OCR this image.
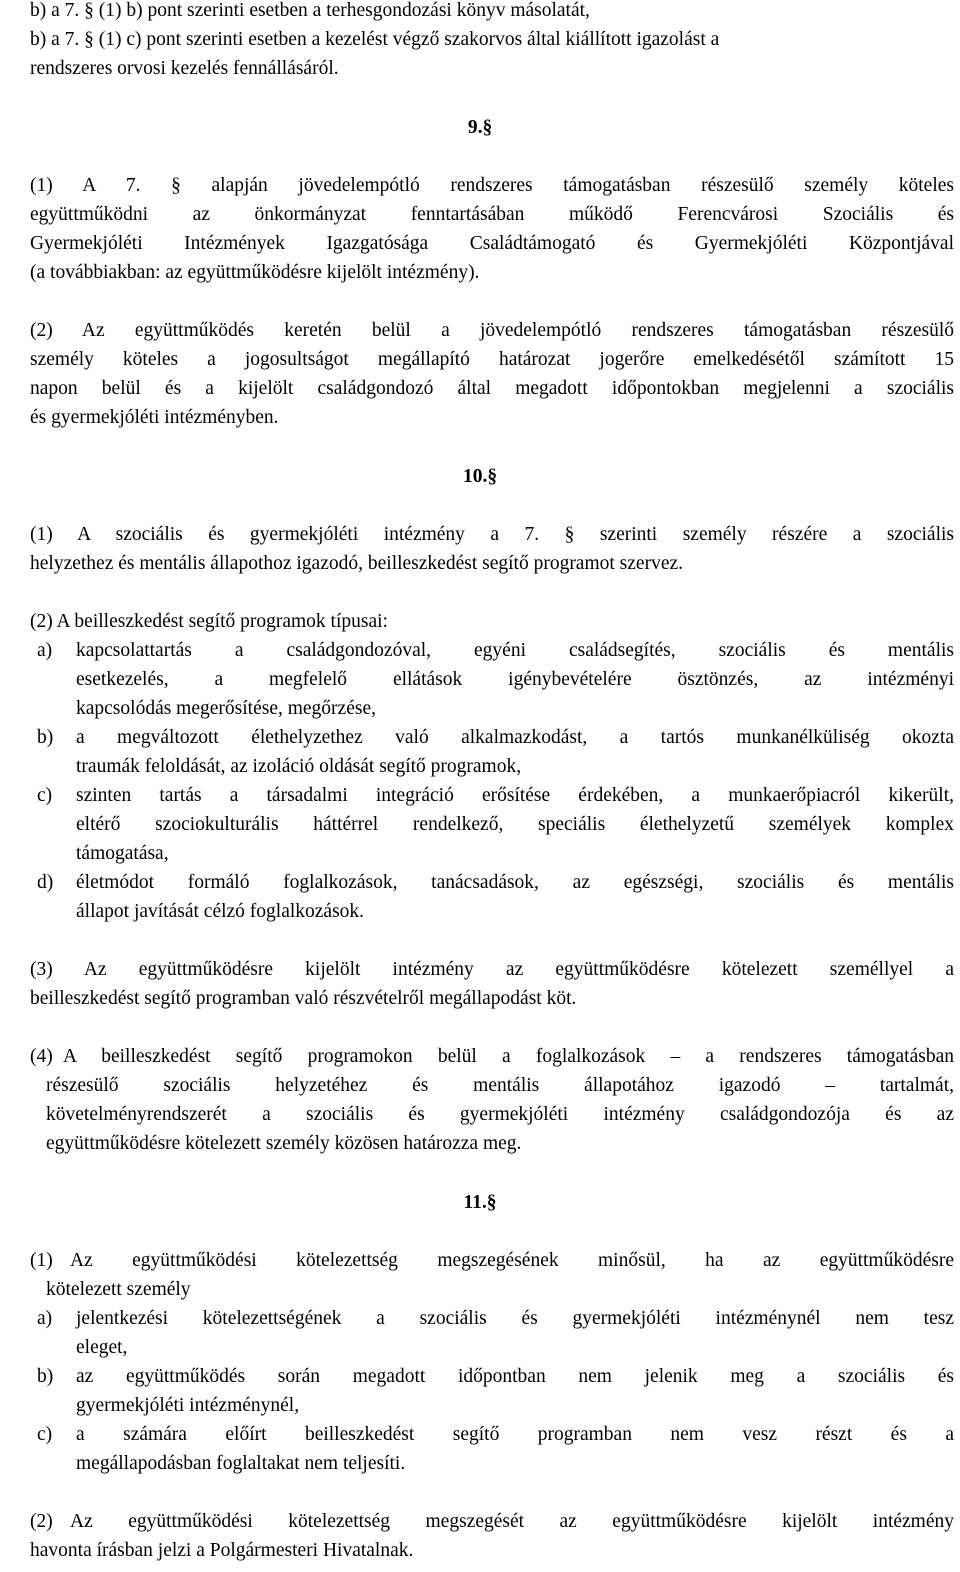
b) a 7. § (1) b) pont szerinti esetben a terhesgondozási könyv másolatát,
b) a 7. § (1) c) pont szerinti esetben a kezelést végző szakorvos által kiállított igazolást a
rendszeres orvosi kezelés fennállásáról.
9.§
(1) A 7. § alapján jövedelempótló rendszeres támogatásban részesülő személy köteles
együttműködni az önkormányzat fenntartásában működő Ferencvárosi Szociális és
Gyermekjóléti Intézmények Igazgatósága Családtámogató és Gyermekjóléti Központjával
(a továbbiakban: az együttműködésre kijelölt intézmény).
(2) Az együttműködés keretén belül a jövedelempótló rendszeres támogatásban részesülő
személy köteles a jogosultságot megállapító határozat jogerőre emelkedésétől számított 15
napon belül és a kijelölt családgondozó által megadott időpontokban megjelenni a szociális
és gyermekjóléti intézményben.
10.§
(1) A szociális és gyermekjóléti intézmény a 7. § szerinti személy részére a szociális
helyzethez és mentális állapothoz igazodó, beilleszkedést segítő programot szervez.
(2) A beilleszkedést segítő programok típusai:
a) kapcsolattartás a családgondozóval, egyéni családsegítés, szociális és mentális
esetkezelés, a megfelelő ellátások igénybevételére ösztönzés, az intézményi
kapcsolódás megerősítése, megőrzése,
b) a megváltozott élethelyzethez való alkalmazkodást, a tartós munkanélküliség okozta
traumák feloldását, az izoláció oldását segítő programok,
c) szinten tartás a társadalmi integráció erősítése érdekében, a munkaerőpiacról kikerült,
eltérő szociokulturális háttérrel rendelkező, speciális élethelyzetű személyek komplex
támogatása,
d) életmódot formáló foglalkozások, tanácsadások, az egészségi, szociális és mentális
állapot javítását célzó foglalkozások.
(3) Az együttműködésre kijelölt intézmény az együttműködésre kötelezett személlyel a
beilleszkedést segítő programban való részvételről megállapodást köt.
(4) A beilleszkedést segítő programokon belül a foglalkozások – a rendszeres támogatásban
részesülő szociális helyzetéhez és mentális állapotához igazodó – tartalmát,
követelményrendszerét a szociális és gyermekjóléti intézmény családgondozója és az
együttműködésre kötelezett személy közösen határozza meg.
11.§
(1) Az együttműködési kötelezettség megszegésének minősül, ha az együttműködésre
kötelezett személy
a) jelentkezési kötelezettségének a szociális és gyermekjóléti intézménynél nem tesz
eleget,
b) az együttműködés során megadott időpontban nem jelenik meg a szociális és
gyermekjóléti intézménynél,
c) a számára előírt beilleszkedést segítő programban nem vesz részt és a
megállapodásban foglaltakat nem teljesíti.
(2) Az együttműködési kötelezettség megszegését az együttműködésre kijelölt intézmény
havonta írásban jelzi a Polgármesteri Hivatalnak.
